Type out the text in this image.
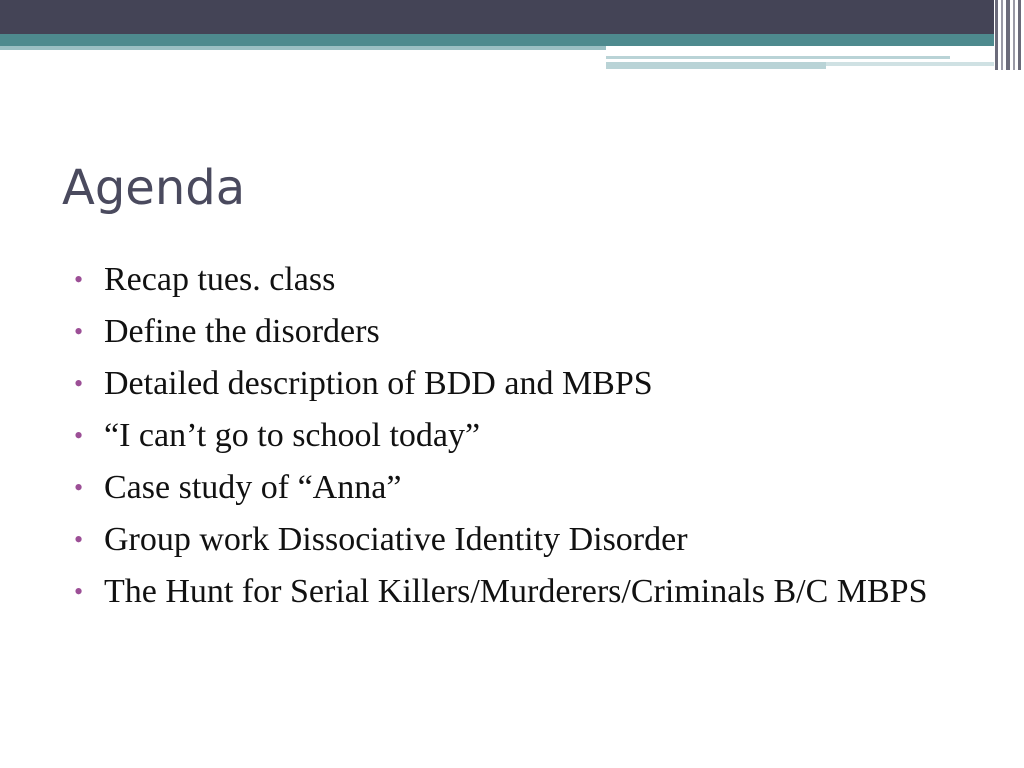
Agenda
• Recap tues. class
• Define the disorders
• Detailed description of BDD and MBPS
• “I can’t go to school today”
• Case study of “Anna”
• Group work Dissociative Identity Disorder
• The Hunt for Serial Killers/Murderers/Criminals B/C MBPS
